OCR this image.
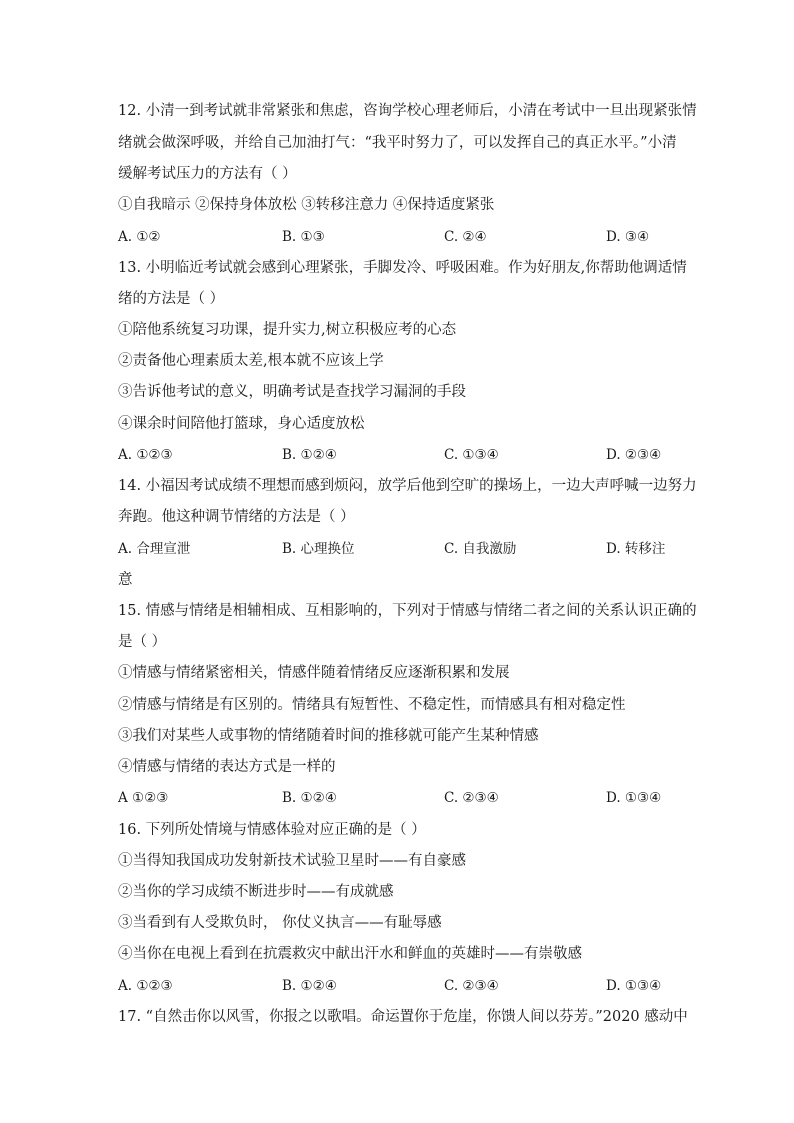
12. 小清一到考试就非常紧张和焦虑，咨询学校心理老师后，小清在考试中一旦出现紧张情
绪就会做深呼吸，并给自己加油打气：“我平时努力了，可以发挥自己的真正水平。”小清
缓解考试压力的方法有（ ）
①自我暗示 ②保持身体放松 ③转移注意力 ④保持适度紧张
A. ①②	B. ①③	C. ②④	D. ③④
13. 小明临近考试就会感到心理紧张，手脚发冷、呼吸困难。作为好朋友,你帮助他调适情
绪的方法是（ ）
①陪他系统复习功课，提升实力,树立积极应考的心态
②责备他心理素质太差,根本就不应该上学
③告诉他考试的意义，明确考试是查找学习漏洞的手段
④课余时间陪他打篮球，身心适度放松
A. ①②③	B. ①②④	C. ①③④	D. ②③④
14. 小福因考试成绩不理想而感到烦闷，放学后他到空旷的操场上，一边大声呼喊一边努力
奔跑。他这种调节情绪的方法是（ ）
A. 合理宣泄	B. 心理换位	C. 自我激励	D. 转移注
意
15. 情感与情绪是相辅相成、互相影响的，下列对于情感与情绪二者之间的关系认识正确的
是（ ）
①情感与情绪紧密相关，情感伴随着情绪反应逐渐积累和发展
②情感与情绪是有区别的。情绪具有短暂性、不稳定性，而情感具有相对稳定性
③我们对某些人或事物的情绪随着时间的推移就可能产生某种情感
④情感与情绪的表达方式是一样的
A ①②③	B. ①②④	C. ②③④	D. ①③④
16. 下列所处情境与情感体验对应正确的是（ ）
①当得知我国成功发射新技术试验卫星时——有自豪感
②当你的学习成绩不断进步时——有成就感
③当看到有人受欺负时， 你仗义执言——有耻辱感
④当你在电视上看到在抗震救灾中献出汗水和鲜血的英雄时——有崇敬感
A. ①②③	B. ①②④	C. ②③④	D. ①③④
17. “自然击你以风雪，你报之以歌唱。命运置你于危崖，你馈人间以芬芳。”2020 感动中
